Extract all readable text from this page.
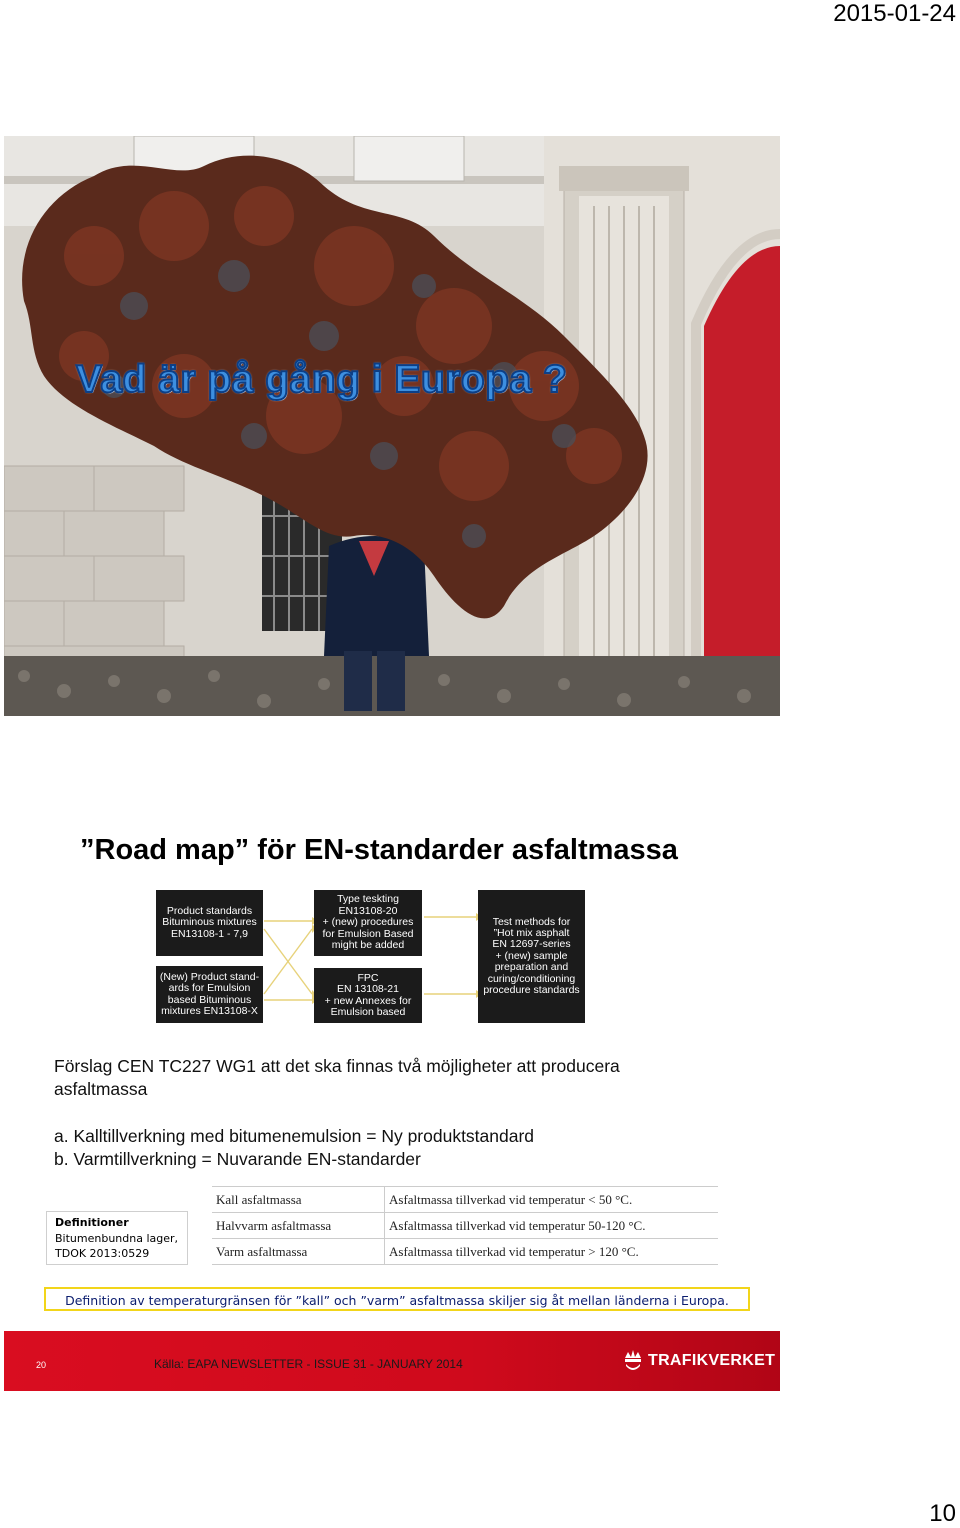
2015-01-24
Vad är på gång i Europa ?
”Road map” för EN-standarder asfaltmassa
Product standards
Bituminous mixtures
EN13108-1 - 7,9
Type teskting
EN13108-20
+ (new) procedures
for Emulsion Based
might be added
Test methods for
”Hot mix asphalt
EN 12697-series
+ (new) sample
preparation and
curing/conditioning
procedure standards
(New) Product stand-
ards for Emulsion
based Bituminous
mixtures EN13108-X
FPC
EN 13108-21
+ new Annexes for
Emulsion based
Förslag CEN TC227 WG1 att det ska finnas två möjligheter att producera
asfaltmassa
a. Kalltillverkning med bitumenemulsion = Ny produktstandard
b. Varmtillverkning = Nuvarande EN-standarder
Definitioner
Bitumenbundna lager,
TDOK 2013:0529
Kall asfaltmassa	Asfaltmassa tillverkad vid temperatur < 50 °C.
Halvvarm asfaltmassa	Asfaltmassa tillverkad vid temperatur 50-120 °C.
Varm asfaltmassa	Asfaltmassa tillverkad vid temperatur > 120 °C.
Definition av temperaturgränsen för ”kall” och ”varm” asfaltmassa skiljer sig åt mellan länderna i Europa.
20	Källa: EAPA NEWSLETTER - ISSUE 31 - JANUARY 2014	TRAFIKVERKET
10
